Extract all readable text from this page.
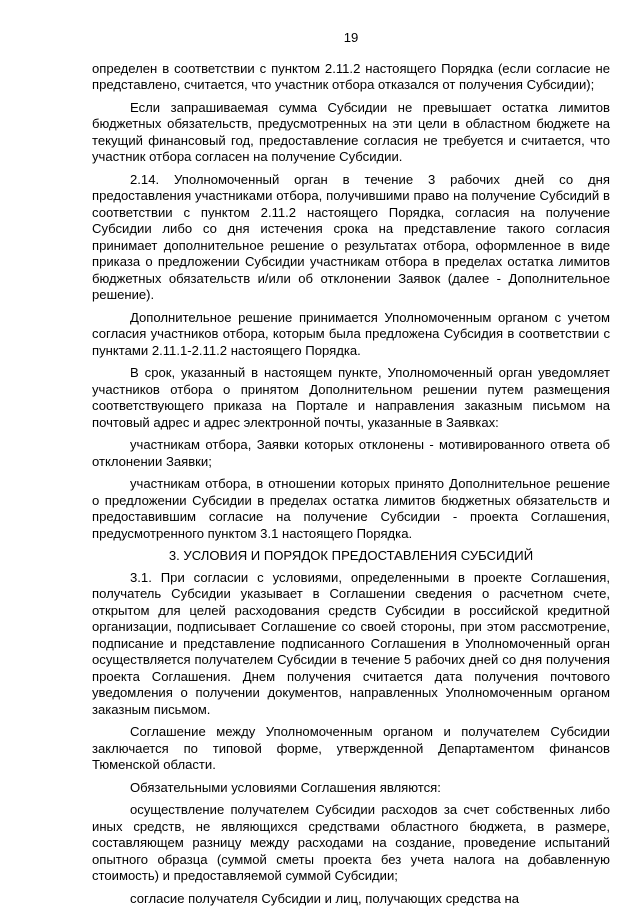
19

определен в соответствии с пунктом 2.11.2 настоящего Порядка (если согласие не представлено, считается, что участник отбора отказался от получения Субсидии);

Если запрашиваемая сумма Субсидии не превышает остатка лимитов бюджетных обязательств, предусмотренных на эти цели в областном бюджете на текущий финансовый год, предоставление согласия не требуется и считается, что участник отбора согласен на получение Субсидии.

2.14. Уполномоченный орган в течение 3 рабочих дней со дня предоставления участниками отбора, получившими право на получение Субсидий в соответствии с пунктом 2.11.2 настоящего Порядка, согласия на получение Субсидии либо со дня истечения срока на представление такого согласия принимает дополнительное решение о результатах отбора, оформленное в виде приказа о предложении Субсидии участникам отбора в пределах остатка лимитов бюджетных обязательств и/или об отклонении Заявок (далее - Дополнительное решение).

Дополнительное решение принимается Уполномоченным органом с учетом согласия участников отбора, которым была предложена Субсидия в соответствии с пунктами 2.11.1-2.11.2 настоящего Порядка.

В срок, указанный в настоящем пункте, Уполномоченный орган уведомляет участников отбора о принятом Дополнительном решении путем размещения соответствующего приказа на Портале и направления заказным письмом на почтовый адрес и адрес электронной почты, указанные в Заявках:

участникам отбора, Заявки которых отклонены - мотивированного ответа об отклонении Заявки;

участникам отбора, в отношении которых принято Дополнительное решение о предложении Субсидии в пределах остатка лимитов бюджетных обязательств и предоставившим согласие на получение Субсидии - проекта Соглашения, предусмотренного пунктом 3.1 настоящего Порядка.

3. УСЛОВИЯ И ПОРЯДОК ПРЕДОСТАВЛЕНИЯ СУБСИДИЙ

3.1. При согласии с условиями, определенными в проекте Соглашения, получатель Субсидии указывает в Соглашении сведения о расчетном счете, открытом для целей расходования средств Субсидии в российской кредитной организации, подписывает Соглашение со своей стороны, при этом рассмотрение, подписание и представление подписанного Соглашения в Уполномоченный орган осуществляется получателем Субсидии в течение 5 рабочих дней со дня получения проекта Соглашения. Днем получения считается дата получения почтового уведомления о получении документов, направленных Уполномоченным органом заказным письмом.

Соглашение между Уполномоченным органом и получателем Субсидии заключается по типовой форме, утвержденной Департаментом финансов Тюменской области.

Обязательными условиями Соглашения являются:

осуществление получателем Субсидии расходов за счет собственных либо иных средств, не являющихся средствами областного бюджета, в размере, составляющем разницу между расходами на создание, проведение испытаний опытного образца (суммой сметы проекта без учета налога на добавленную стоимость) и предоставляемой суммой Субсидии;

согласие получателя Субсидии и лиц, получающих средства на
